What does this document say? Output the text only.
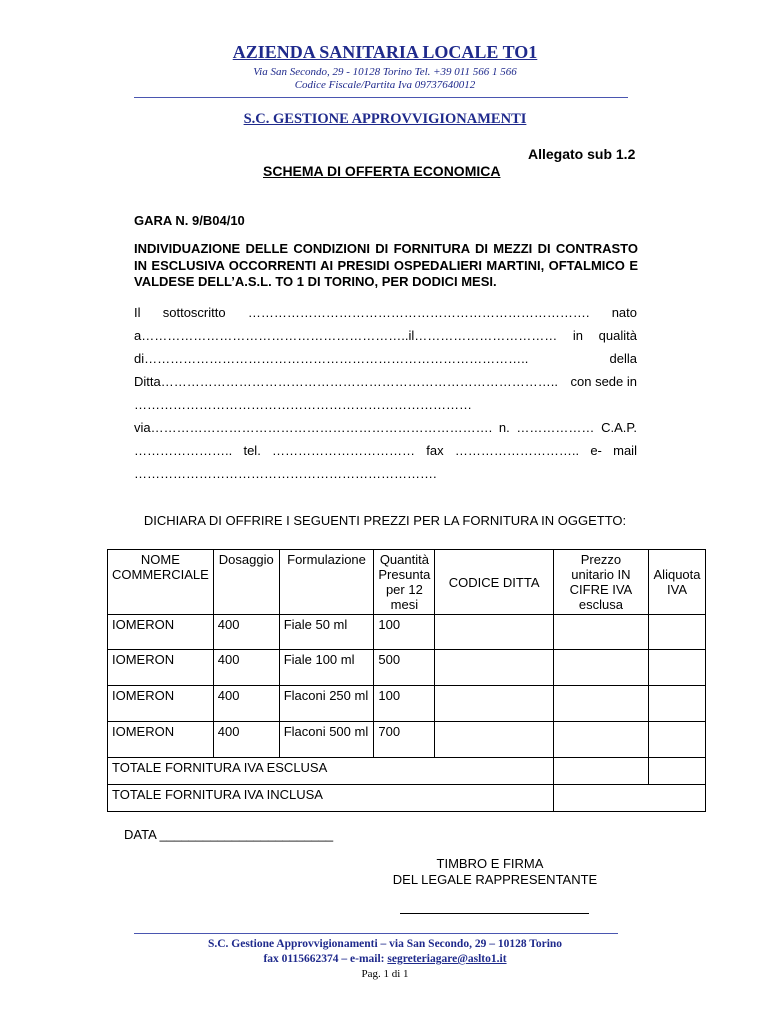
AZIENDA SANITARIA LOCALE TO1
Via San Secondo, 29 - 10128 Torino Tel. +39 011 566 1 566
Codice Fiscale/Partita Iva 09737640012
S.C. GESTIONE APPROVVIGIONAMENTI
Allegato sub 1.2
SCHEMA DI OFFERTA ECONOMICA
GARA N. 9/B04/10
INDIVIDUAZIONE DELLE CONDIZIONI DI FORNITURA DI MEZZI DI CONTRASTO IN ESCLUSIVA OCCORRENTI AI PRESIDI OSPEDALIERI MARTINI, OFTALMICO E VALDESE DELL’A.S.L. TO 1 DI TORINO, PER DODICI MESI.
Il sottoscritto ……………………………………………………………………. nato
a……………………………………………………..il…………………………… in qualità
di……………………………………………………………………………..	della
Ditta……………………………………………………………………………….. con sede in
……………………………………………………………………
via……………………………………………………………………. n. ……………… C.A.P.
………………….. tel. …………………………… fax ……………………….. e- mail
…………………………………………………………….
DICHIARA DI OFFRIRE I SEGUENTI PREZZI PER LA FORNITURA IN OGGETTO:
NOME COMMERCIALE	Dosaggio	Formulazione	Quantità Presunta per 12 mesi	CODICE DITTA	Prezzo unitario IN CIFRE IVA esclusa	Aliquota IVA
IOMERON	400	Fiale 50 ml	100			
IOMERON	400	Fiale 100 ml	500			
IOMERON	400	Flaconi 250 ml	100			
IOMERON	400	Flaconi 500 ml	700			
TOTALE FORNITURA IVA ESCLUSA						
TOTALE FORNITURA IVA INCLUSA						
DATA ________________________
TIMBRO E FIRMA
DEL LEGALE RAPPRESENTANTE
S.C. Gestione Approvvigionamenti – via San Secondo, 29 – 10128 Torino
fax 0115662374 – e-mail: segreteriagare@aslto1.it
Pag. 1 di 1
